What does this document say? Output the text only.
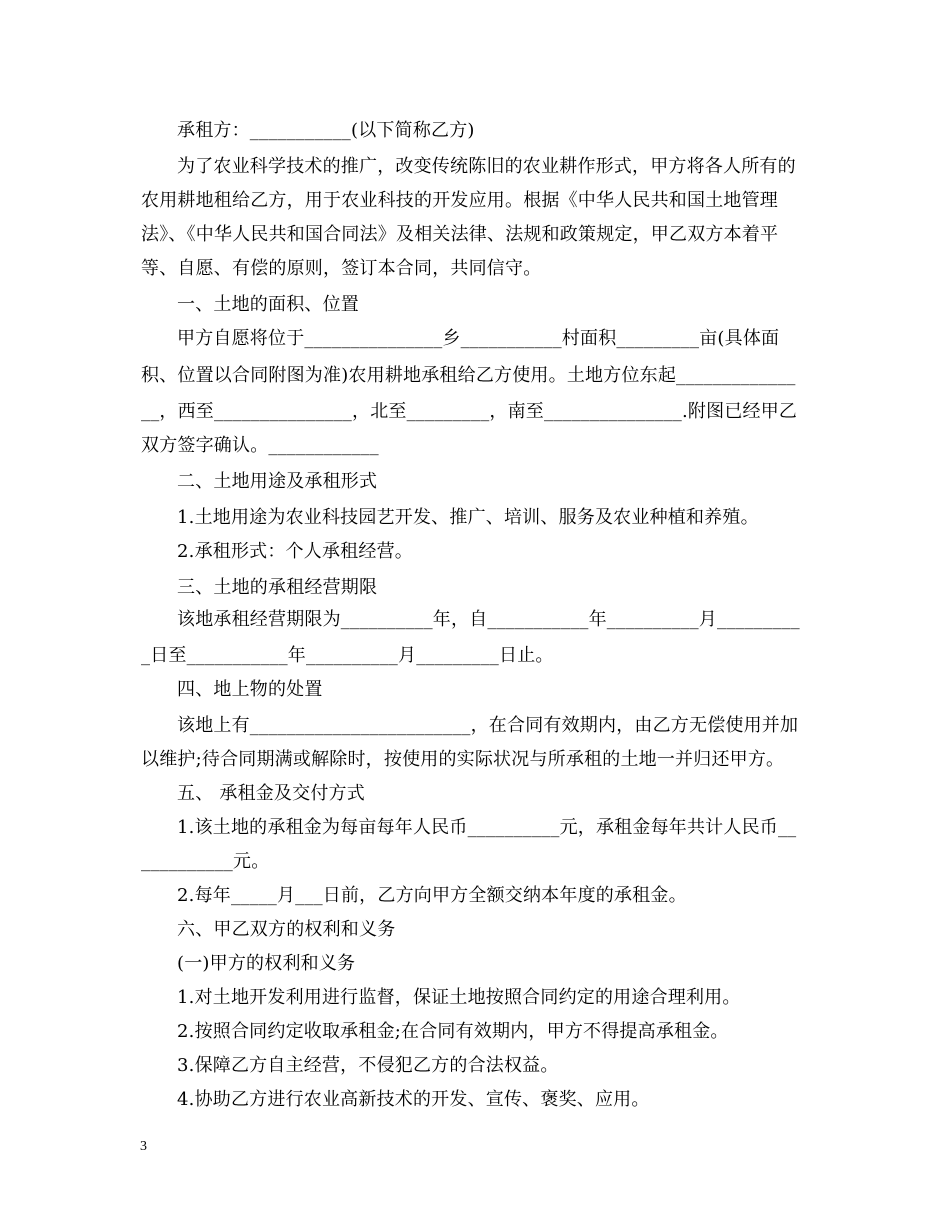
承租方：___________(以下简称乙方)
为了农业科学技术的推广，改变传统陈旧的农业耕作形式，甲方将各人所有的
农用耕地租给乙方，用于农业科技的开发应用。根据《中华人民共和国土地管理
法》、《中华人民共和国合同法》及相关法律、法规和政策规定，甲乙双方本着平
等、自愿、有偿的原则，签订本合同，共同信守。
一、土地的面积、位置
甲方自愿将位于_______________乡___________村面积_________亩(具体面
积、位置以合同附图为准)农用耕地承租给乙方使用。土地方位东起_____________
__，西至_______________，北至_________，南至_______________.附图已经甲乙
双方签字确认。____________
二、土地用途及承租形式
1.土地用途为农业科技园艺开发、推广、培训、服务及农业种植和养殖。
2.承租形式：个人承租经营。
三、土地的承租经营期限
该地承租经营期限为__________年，自___________年__________月_________
_日至___________年__________月_________日止。
四、地上物的处置
该地上有________________________，在合同有效期内，由乙方无偿使用并加
以维护;待合同期满或解除时，按使用的实际状况与所承租的土地一并归还甲方。
五、 承租金及交付方式
1.该土地的承租金为每亩每年人民币__________元，承租金每年共计人民币__
__________元。
2.每年_____月___日前，乙方向甲方全额交纳本年度的承租金。
六、甲乙双方的权利和义务
(一)甲方的权利和义务
1.对土地开发利用进行监督，保证土地按照合同约定的用途合理利用。
2.按照合同约定收取承租金;在合同有效期内，甲方不得提高承租金。
3.保障乙方自主经营，不侵犯乙方的合法权益。
4.协助乙方进行农业高新技术的开发、宣传、褒奖、应用。
3
